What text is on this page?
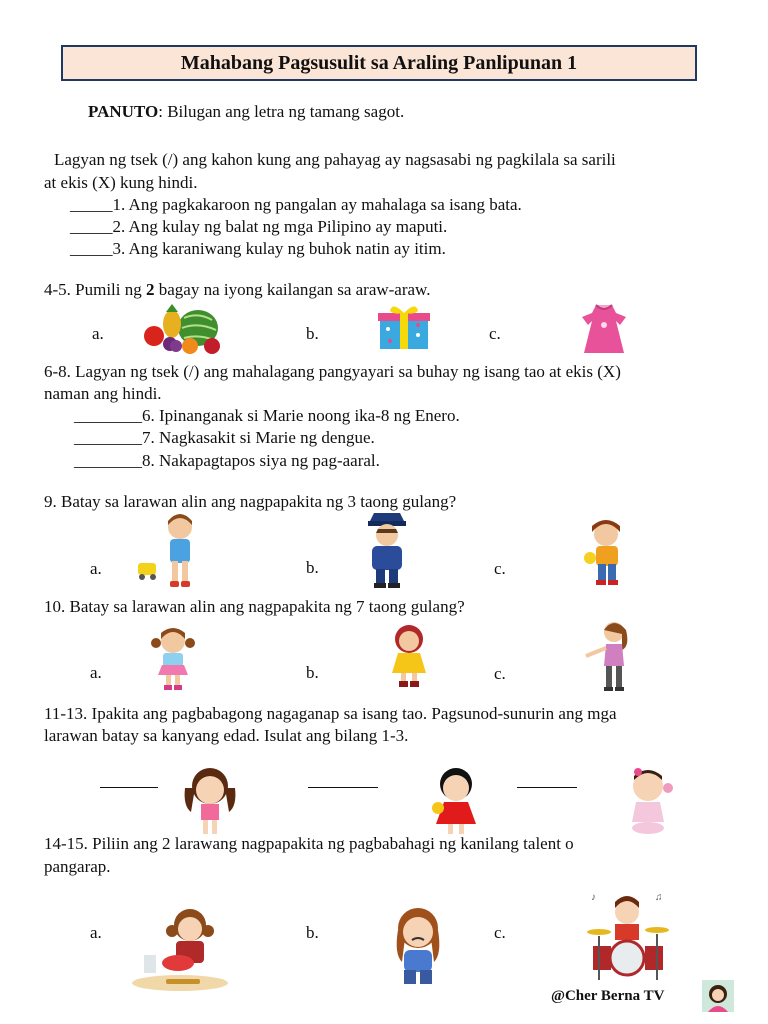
Mahabang Pagsusulit sa Araling Panlipunan 1
PANUTO: Bilugan ang letra ng tamang sagot.
Lagyan ng tsek (/) ang kahon kung ang pahayag ay nagsasabi ng pagkilala sa sarili
at ekis (X) kung hindi.
_____1. Ang pagkakaroon ng pangalan ay mahalaga sa isang bata.
_____2. Ang kulay ng balat ng mga Pilipino ay maputi.
_____3. Ang karaniwang kulay ng buhok natin ay itim.
4-5. Pumili ng 2 bagay na iyong kailangan sa araw-araw.
a.	b.	c.
6-8. Lagyan ng tsek (/) ang mahalagang pangyayari sa buhay ng isang tao at ekis (X)
naman ang hindi.
________6. Ipinanganak si Marie noong ika-8 ng Enero.
________7. Nagkasakit si Marie ng dengue.
________8. Nakapagtapos siya ng pag-aaral.
9. Batay sa larawan alin ang nagpapakita ng 3 taong gulang?
a.	b.	c.
10. Batay sa larawan alin ang nagpapakita ng 7 taong gulang?
a.	b.	c.
11-13. Ipakita ang pagbabagong nagaganap sa isang tao. Pagsunod-sunurin ang mga
larawan batay sa kanyang edad. Isulat ang bilang 1-3.
14-15. Piliin ang 2 larawang nagpapakita ng pagbabahagi ng kanilang talent o
pangarap.
a.	b.	c.
♪	♫
@Cher Berna TV
